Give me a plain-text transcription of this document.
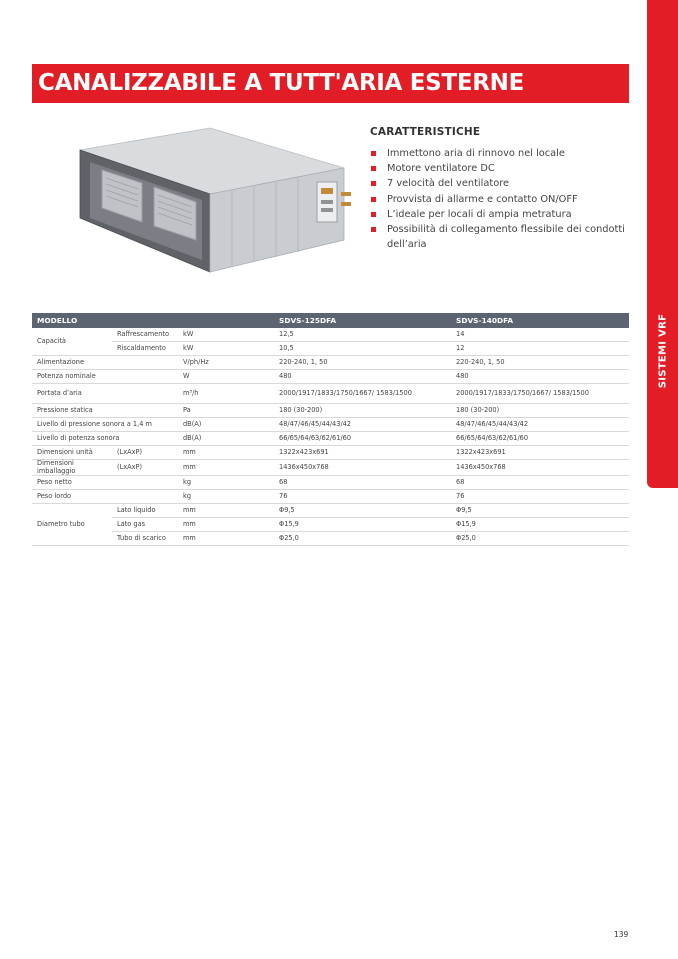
SISTEMI VRF
CANALIZZABILE A TUTT'ARIA ESTERNE
CARATTERISTICHE
Immettono aria di rinnovo nel locale
Motore ventilatore DC
7 velocità del ventilatore
Provvista di allarme e contatto ON/OFF
L’ideale per locali di ampia metratura
Possibilità di collegamento flessibile dei condotti dell’aria
MODELLO			SDVS-125DFA	SDVS-140DFA
Capacità	Raffrescamento	kW	12,5	14
	Riscaldamento	kW	10,5	12
Alimentazione		V/ph/Hz	220-240, 1, 50	220-240, 1, 50
Potenza nominale		W	480	480
Portata d’aria		m³/h	2000/1917/1833/1750/1667/ 1583/1500	2000/1917/1833/1750/1667/ 1583/1500
Pressione statica		Pa	180 (30-200)	180 (30-200)
Livello di pressione sonora a 1,4 m		dB(A)	48/47/46/45/44/43/42	48/47/46/45/44/43/42
Livello di potenza sonora		dB(A)	66/65/64/63/62/61/60	66/65/64/63/62/61/60
Dimensioni unità	(LxAxP)	mm	1322x423x691	1322x423x691
Dimensioni imballaggio	(LxAxP)	mm	1436x450x768	1436x450x768
Peso netto		kg	68	68
Peso lordo		kg	76	76
Diametro tubo	Lato liquido	mm	Φ9,5	Φ9,5
	Lato gas	mm	Φ15,9	Φ15,9
	Tubo di scarico	mm	Φ25,0	Φ25,0
139
